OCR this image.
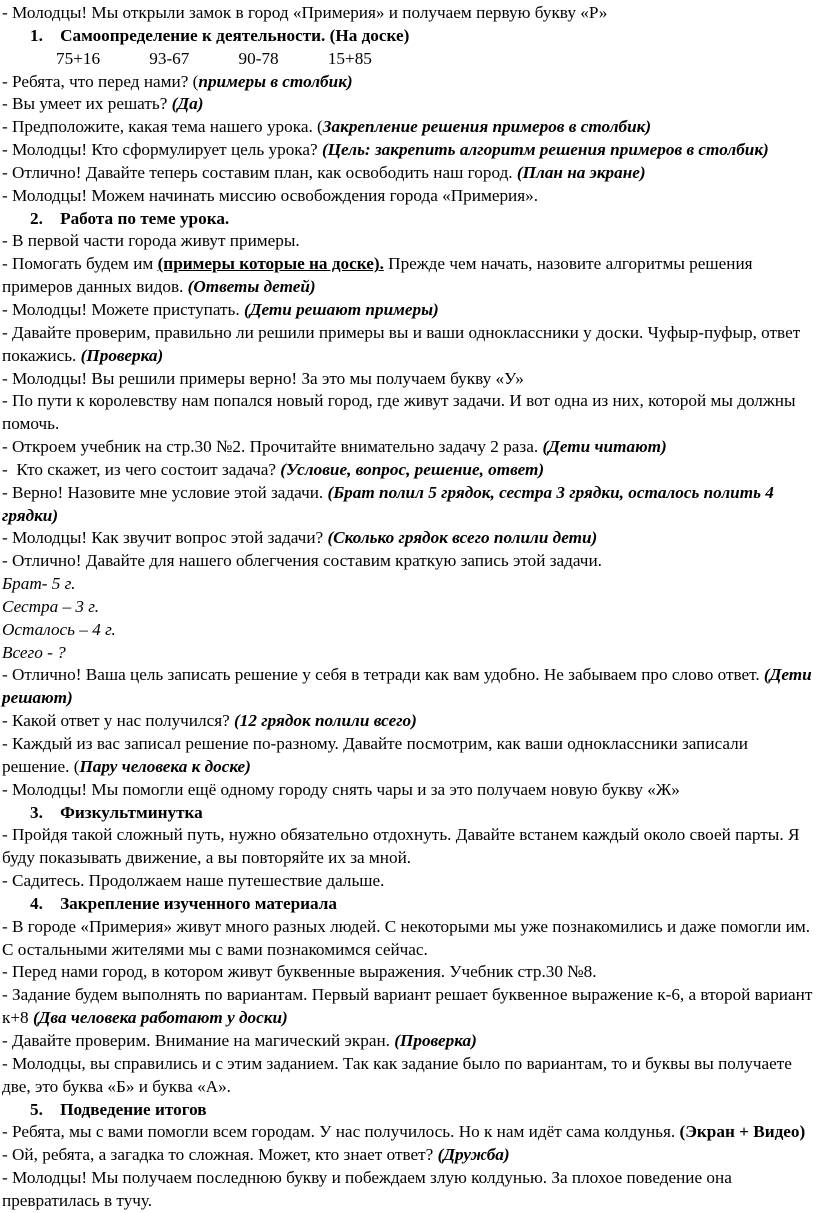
- Молодцы! Мы открыли замок в город «Примерия» и получаем первую букву «Р»

1.    Самоопределение к деятельности. (На доске)

75+16    93-67    90-78    15+85

- Ребята, что перед нами? (примеры в столбик)

- Вы умеет их решать? (Да)

- Предположите, какая тема нашего урока. (Закрепление решения примеров в столбик)

- Молодцы! Кто сформулирует цель урока? (Цель: закрепить алгоритм решения примеров в столбик)

- Отлично! Давайте теперь составим план, как освободить наш город. (План на экране)

- Молодцы! Можем начинать миссию освобождения города «Примерия».

2.    Работа по теме урока.

- В первой части города живут примеры.

- Помогать будем им (примеры которые на доске). Прежде чем начать, назовите алгоритмы решения примеров данных видов. (Ответы детей)

- Молодцы! Можете приступать. (Дети решают примеры)

- Давайте проверим, правильно ли решили примеры вы и ваши одноклассники у доски. Чуфыр-пуфыр, ответ покажись. (Проверка)

- Молодцы! Вы решили примеры верно! За это мы получаем букву «У»

- По пути к королевству нам попался новый город, где живут задачи. И вот одна из них, которой мы должны помочь.

- Откроем учебник на стр.30 №2. Прочитайте внимательно задачу 2 раза. (Дети читают)

-  Кто скажет, из чего состоит задача? (Условие, вопрос, решение, ответ)

- Верно! Назовите мне условие этой задачи. (Брат полил 5 грядок, сестра 3 грядки, осталось полить 4 грядки)

- Молодцы! Как звучит вопрос этой задачи? (Сколько грядок всего полили дети)

- Отлично! Давайте для нашего облегчения составим краткую запись этой задачи.

Брат- 5 г.

Сестра – 3 г.

Осталось – 4 г.

Всего - ?

- Отлично! Ваша цель записать решение у себя в тетради как вам удобно. Не забываем про слово ответ. (Дети решают)

- Какой ответ у нас получился? (12 грядок полили всего)

- Каждый из вас записал решение по-разному. Давайте посмотрим, как ваши одноклассники записали решение. (Пару человека к доске)

- Молодцы! Мы помогли ещё одному городу снять чары и за это получаем новую букву «Ж»

3.    Физкультминутка

- Пройдя такой сложный путь, нужно обязательно отдохнуть. Давайте встанем каждый около своей парты. Я буду показывать движение, а вы повторяйте их за мной.

- Садитесь. Продолжаем наше путешествие дальше.

4.    Закрепление изученного материала

- В городе «Примерия» живут много разных людей. С некоторыми мы уже познакомились и даже помогли им. С остальными жителями мы с вами познакомимся сейчас.

- Перед нами город, в котором живут буквенные выражения. Учебник стр.30 №8.

- Задание будем выполнять по вариантам. Первый вариант решает буквенное выражение к-6, а второй вариант к+8 (Два человека работают у доски)

- Давайте проверим. Внимание на магический экран. (Проверка)

- Молодцы, вы справились и с этим заданием. Так как задание было по вариантам, то и буквы вы получаете две, это буква «Б» и буква «А».

5.    Подведение итогов

- Ребята, мы с вами помогли всем городам. У нас получилось. Но к нам идёт сама колдунья. (Экран + Видео)

- Ой, ребята, а загадка то сложная. Может, кто знает ответ? (Дружба)

- Молодцы! Мы получаем последнюю букву и побеждаем злую колдунью. За плохое поведение она превратилась в тучу.
